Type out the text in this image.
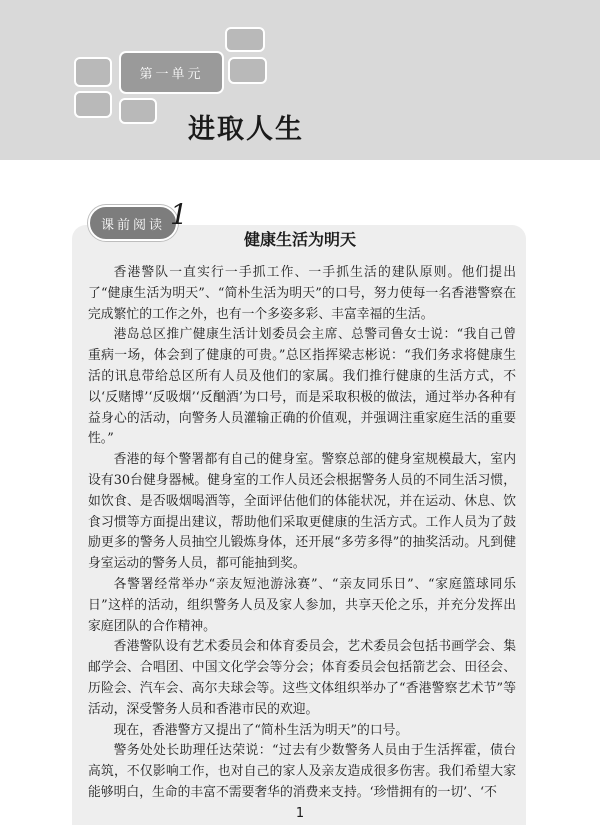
第一单元
进取人生
课前阅读 1
健康生活为明天

香港警队一直实行一手抓工作、一手抓生活的建队原则。他们提出了“健康生活为明天”、“简朴生活为明天”的口号，努力使每一名香港警察在完成繁忙的工作之外，也有一个多姿多彩、丰富幸福的生活。

港岛总区推广健康生活计划委员会主席、总警司鲁女士说：“我自己曾重病一场，体会到了健康的可贵。”总区指挥梁志彬说：“我们务求将健康生活的讯息带给总区所有人员及他们的家属。我们推行健康的生活方式，不以‘反赌博’‘反吸烟’‘反酗酒’为口号，而是采取积极的做法，通过举办各种有益身心的活动，向警务人员灌输正确的价值观，并强调注重家庭生活的重要性。”

香港的每个警署都有自己的健身室。警察总部的健身室规模最大，室内设有30台健身器械。健身室的工作人员还会根据警务人员的不同生活习惯，如饮食、是否吸烟喝酒等，全面评估他们的体能状况，并在运动、休息、饮食习惯等方面提出建议，帮助他们采取更健康的生活方式。工作人员为了鼓励更多的警务人员抽空儿锻炼身体，还开展“多劳多得”的抽奖活动。凡到健身室运动的警务人员，都可能抽到奖。

各警署经常举办“亲友短池游泳赛”、“亲友同乐日”、“家庭篮球同乐日”这样的活动，组织警务人员及家人参加，共享天伦之乐，并充分发挥出家庭团队的合作精神。

香港警队设有艺术委员会和体育委员会，艺术委员会包括书画学会、集邮学会、合唱团、中国文化学会等分会；体育委员会包括箭艺会、田径会、历险会、汽车会、高尔夫球会等。这些文体组织举办了“香港警察艺术节”等活动，深受警务人员和香港市民的欢迎。

现在，香港警方又提出了“简朴生活为明天”的口号。

警务处处长助理任达荣说：“过去有少数警务人员由于生活挥霍，债台高筑，不仅影响工作，也对自己的家人及亲友造成很多伤害。我们希望大家能够明白，生命的丰富不需要奢华的消费来支持。‘珍惜拥有的一切’、‘不

1
